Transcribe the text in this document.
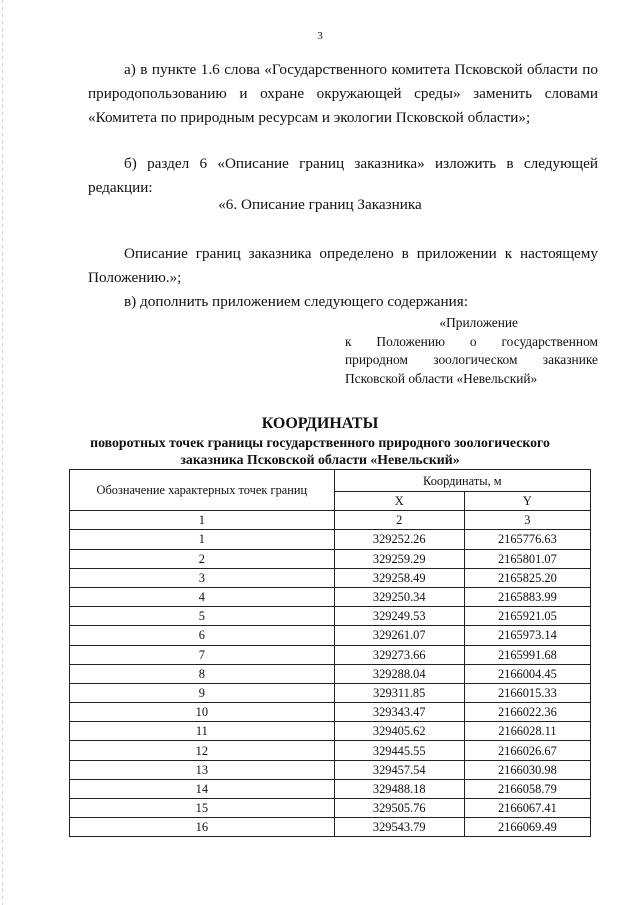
3

а) в пункте 1.6 слова «Государственного комитета Псковской области по природопользованию и охране окружающей среды» заменить словами «Комитета по природным ресурсам и экологии Псковской области»;

б) раздел 6 «Описание границ заказника» изложить в следующей редакции:

«6. Описание границ Заказника

Описание границ заказника определено в приложении к настоящему Положению.»;

в) дополнить приложением следующего содержания:

«Приложение
к Положению о государственном природном зоологическом заказнике Псковской области «Невельский»
КООРДИНАТЫ
поворотных точек границы государственного природного зоологического заказника Псковской области «Невельский»
Обозначение характерных точек границ	Координаты, м	
	X	Y
1	2	3
1	329252.26	2165776.63
2	329259.29	2165801.07
3	329258.49	2165825.20
4	329250.34	2165883.99
5	329249.53	2165921.05
6	329261.07	2165973.14
7	329273.66	2165991.68
8	329288.04	2166004.45
9	329311.85	2166015.33
10	329343.47	2166022.36
11	329405.62	2166028.11
12	329445.55	2166026.67
13	329457.54	2166030.98
14	329488.18	2166058.79
15	329505.76	2166067.41
16	329543.79	2166069.49
